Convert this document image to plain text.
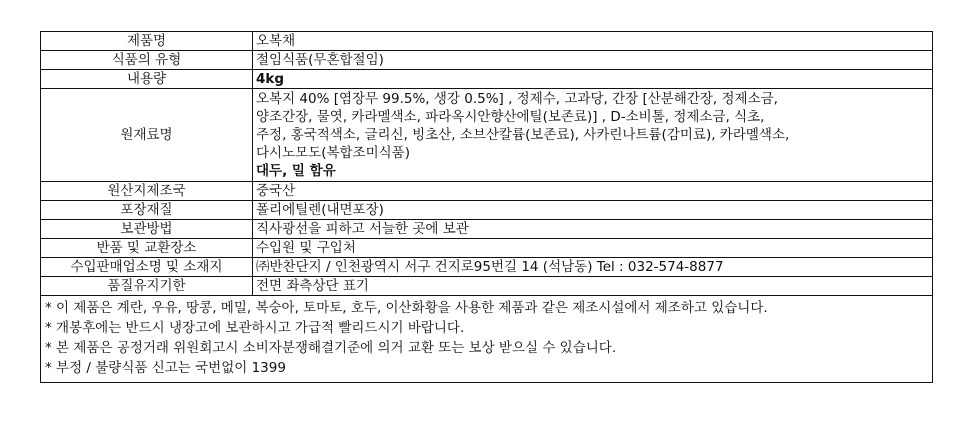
제품명	오복채
식품의 유형	절임식품(무혼합절임)
내용량	4kg
원재료명	오복지 40% [염장무 99.5%, 생강 0.5%] , 정제수, 고과당, 간장 [산분해간장, 정제소금,
양조간장, 물엿, 카라멜색소, 파라옥시안향산에틸(보존료)] , D-소비톨, 정제소금, 식초,
주정, 홍국적색소, 글리신, 빙초산, 소브산칼륨(보존료), 사카린나트륨(감미료), 카라멜색소,
다시노모도(복합조미식품)
대두, 밀 함유

원산지제조국	중국산
포장재질	폴리에틸렌(내면포장)
보관방법	직사광선을 피하고 서늘한 곳에 보관
반품 및 교환장소	수입원 및 구입처
수입판매업소명 및 소재지	㈜반찬단지 / 인천광역시 서구 건지로95번길 14 (석남동) Tel : 032-574-8877
품질유지기한	전면 좌측상단 표기
* 이 제품은 계란, 우유, 땅콩, 메밀, 복숭아, 토마토, 호두, 이산화황을 사용한 제품과 같은 제조시설에서 제조하고 있습니다.
* 개봉후에는 반드시 냉장고에 보관하시고 가급적 빨리드시기 바랍니다.
* 본 제품은 공정거래 위원회고시 소비자분쟁해결기준에 의거 교환 또는 보상 받으실 수 있습니다.
* 부정 / 불량식품 신고는 국번없이 1399
